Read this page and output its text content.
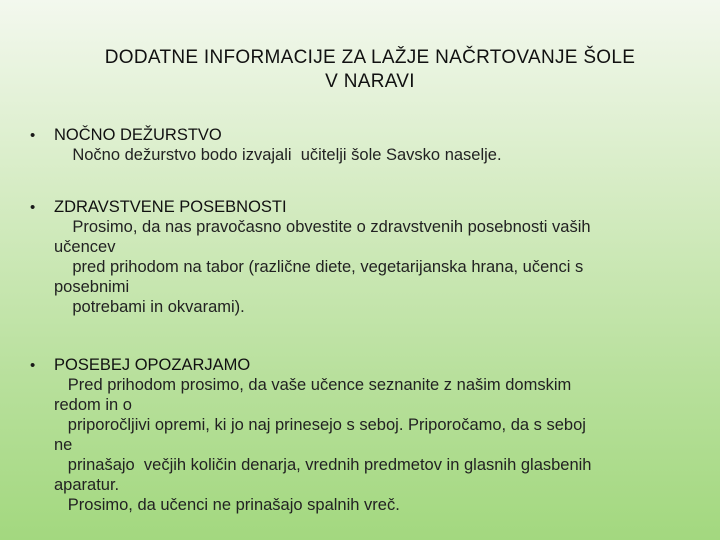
DODATNE INFORMACIJE ZA LAŽJE NAČRTOVANJE ŠOLE
V NARAVI
•	NOČNO DEŽURSTVO
Nočno dežurstvo bodo izvajali  učitelji šole Savsko naselje.
•	ZDRAVSTVENE POSEBNOSTI
Prosimo, da nas pravočasno obvestite o zdravstvenih posebnosti vaših
učencev
pred prihodom na tabor (različne diete, vegetarijanska hrana, učenci s
posebnimi
potrebami in okvarami).
•	POSEBEJ OPOZARJAMO
Pred prihodom prosimo, da vaše učence seznanite z našim domskim
redom in o
priporočljivi opremi, ki jo naj prinesejo s seboj. Priporočamo, da s seboj
ne
prinašajo  večjih količin denarja, vrednih predmetov in glasnih glasbenih
aparatur.
Prosimo, da učenci ne prinašajo spalnih vreč.
